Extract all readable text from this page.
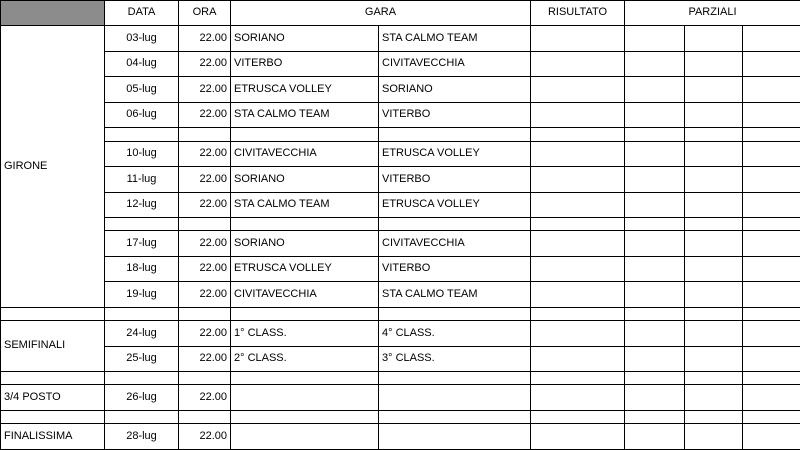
	DATA	ORA	GARA		RISULTATO	PARZIALI		
GIRONE	03-lug	22.00	SORIANO	STA CALMO TEAM				
	04-lug	22.00	VITERBO	CIVITAVECCHIA				
	05-lug	22.00	ETRUSCA VOLLEY	SORIANO				
	06-lug	22.00	STA CALMO TEAM	VITERBO				

	10-lug	22.00	CIVITAVECCHIA	ETRUSCA VOLLEY				
	11-lug	22.00	SORIANO	VITERBO				
	12-lug	22.00	STA CALMO TEAM	ETRUSCA VOLLEY				

	17-lug	22.00	SORIANO	CIVITAVECCHIA				
	18-lug	22.00	ETRUSCA VOLLEY	VITERBO				
	19-lug	22.00	CIVITAVECCHIA	STA CALMO TEAM				

SEMIFINALI	24-lug	22.00	1° CLASS.	4° CLASS.				
	25-lug	22.00	2° CLASS.	3° CLASS.				

3/4 POSTO	26-lug	22.00						

FINALISSIMA	28-lug	22.00						
